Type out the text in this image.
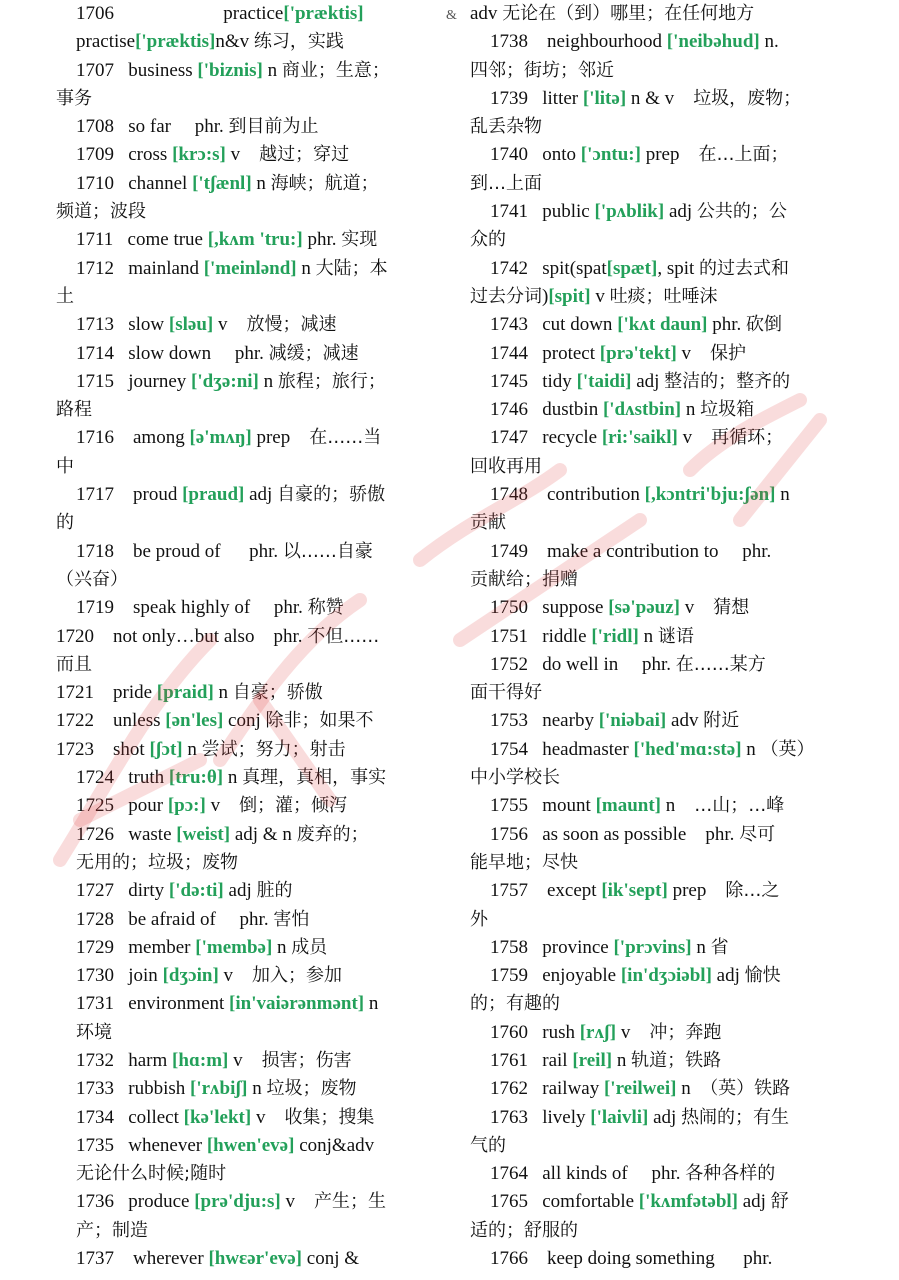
1706                       practice['præktis]
practise['præktis]n&v 练习，实践
1707   business ['biznis] n 商业；生意；
事务
1708   so far     phr. 到目前为止
1709   cross [krɔ:s] v    越过；穿过
1710   channel ['tʃænl] n 海峡；航道；
频道；波段
1711   come true [,kʌm 'tru:] phr. 实现
1712   mainland ['meinlənd] n 大陆；本
土
1713   slow [sləu] v    放慢；减速
1714   slow down     phr. 减缓；减速
1715   journey ['dʒə:ni] n 旅程；旅行；
路程
1716    among [ə'mʌŋ] prep    在……当
中
1717    proud [praud] adj 自豪的；骄傲
的
1718    be proud of      phr. 以……自豪
（兴奋）
1719    speak highly of     phr. 称赞
1720    not only…but also    phr. 不但……
而且
1721    pride [praid] n 自豪；骄傲
1722    unless [ən'les] conj 除非；如果不
1723    shot [ʃɔt] n 尝试；努力；射击
1724   truth [tru:θ] n 真理，真相，事实
1725   pour [pɔ:] v    倒；灌；倾泻
1726   waste [weist] adj & n 废弃的；
无用的；垃圾；废物
1727   dirty ['də:ti] adj 脏的
1728   be afraid of     phr. 害怕
1729   member ['membə] n 成员
1730   join [dʒɔin] v    加入；参加
1731   environment [in'vaiərənmənt] n
环境
1732   harm [hɑ:m] v    损害；伤害
1733   rubbish ['rʌbiʃ] n 垃圾；废物
1734   collect [kə'lekt] v    收集；搜集
1735   whenever [hwen'evə] conj&adv
无论什么时候;随时
1736   produce [prə'dju:s] v    产生；生
产；制造
1737    wherever [hwɛər'evə] conj &
adv 无论在（到）哪里；在任何地方
1738    neighbourhood ['neibəhud] n.
四邻；街坊；邻近
1739   litter ['litə] n & v    垃圾，废物；
乱丢杂物
1740   onto ['ɔntu:] prep    在…上面；
到…上面
1741   public ['pʌblik] adj 公共的；公
众的
1742   spit(spat[spæt], spit 的过去式和
过去分词)[spit] v 吐痰；吐唾沫
1743   cut down ['kʌt daun] phr. 砍倒
1744   protect [prə'tekt] v    保护
1745   tidy ['taidi] adj 整洁的；整齐的
1746   dustbin ['dʌstbin] n 垃圾箱
1747   recycle [ri:'saikl] v    再循环；
回收再用
1748    contribution [,kɔntri'bju:ʃən] n
贡献
1749    make a contribution to     phr.
贡献给；捐赠
1750   suppose [sə'pəuz] v    猜想
1751   riddle ['ridl] n 谜语
1752   do well in     phr. 在……某方
面干得好
1753   nearby ['niəbai] adv 附近
1754   headmaster ['hed'mɑ:stə] n （英）
中小学校长
1755   mount [maunt] n    …山；…峰
1756   as soon as possible    phr. 尽可
能早地；尽快
1757    except [ik'sept] prep    除…之
外
1758   province ['prɔvins] n 省
1759   enjoyable [in'dʒɔiəbl] adj 愉快
的；有趣的
1760   rush [rʌʃ] v    冲；奔跑
1761   rail [reil] n 轨道；铁路
1762   railway ['reilwei] n  （英）铁路
1763   lively ['laivli] adj 热闹的；有生
气的
1764   all kinds of     phr. 各种各样的
1765   comfortable ['kʌmfətəbl] adj 舒
适的；舒服的
1766    keep doing something      phr.
&
